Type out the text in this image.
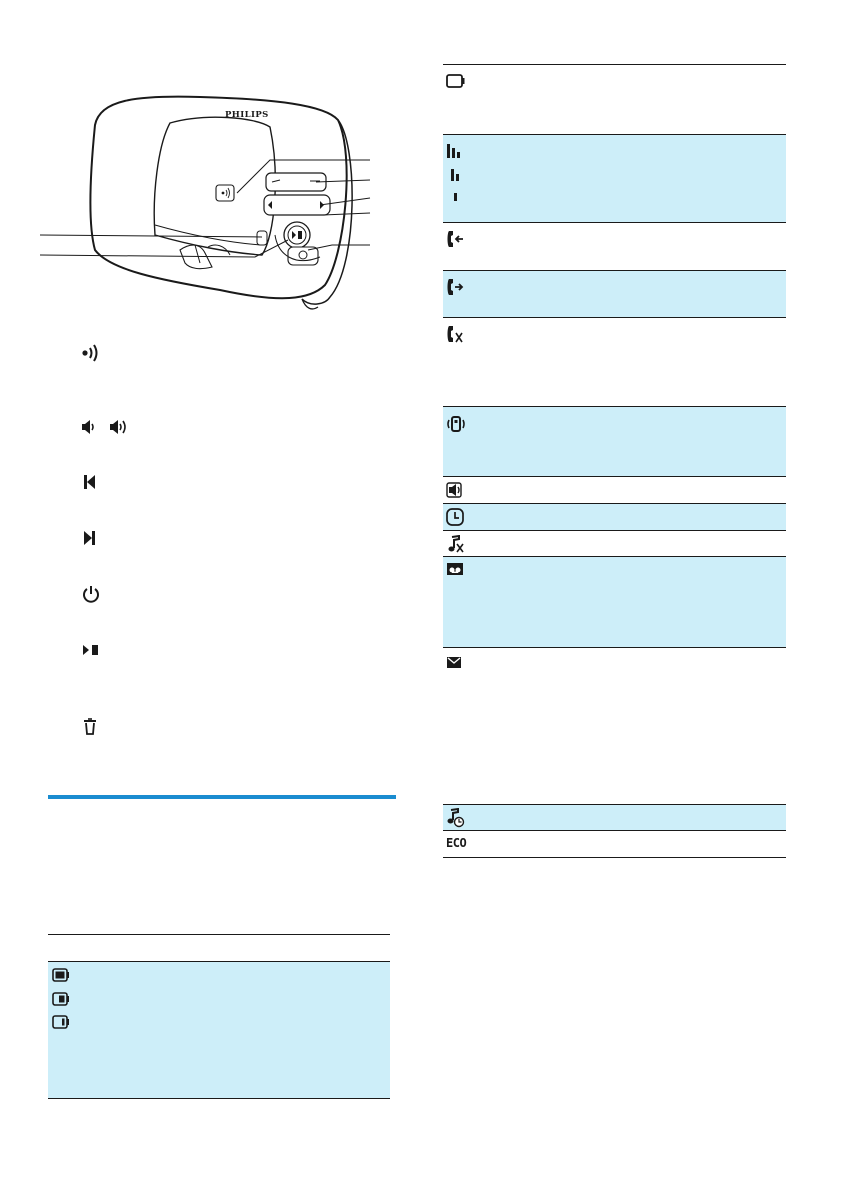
PHILIPS
ECO
